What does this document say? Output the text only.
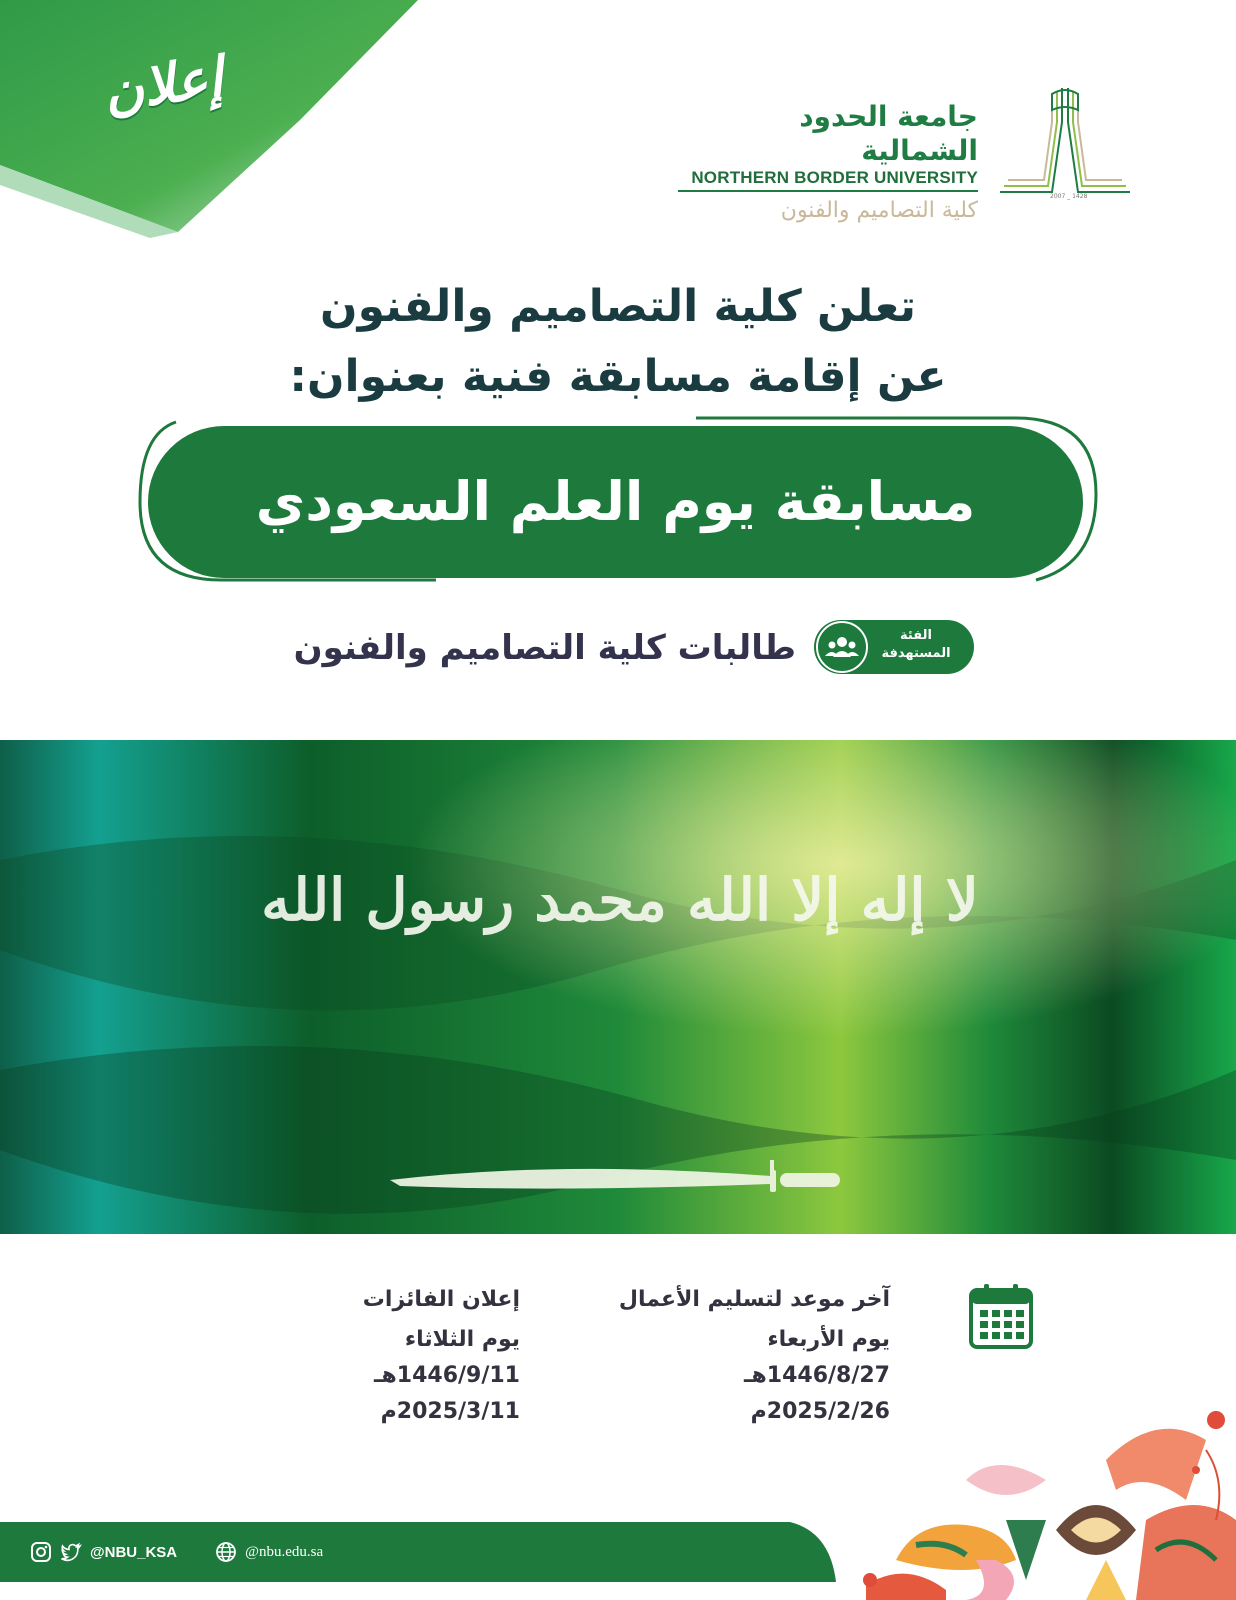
إعلان	جامعة الحدود الشمالية
NORTHERN BORDER UNIVERSITY
كلية التصاميم والفنون
2007 _ 1428
تعلن كلية التصاميم والفنون
عن إقامة مسابقة فنية بعنوان:
مسابقة يوم العلم السعودي
الفئة المستهدفة
طالبات كلية التصاميم والفنون
لا إله إلا الله محمد رسول الله
آخر موعد لتسليم الأعمال
يوم الأربعاء
1446/8/27هـ
2025/2/26م
إعلان الفائزات
يوم الثلاثاء
1446/9/11هـ
2025/3/11م
@NBU_KSA	@nbu.edu.sa
